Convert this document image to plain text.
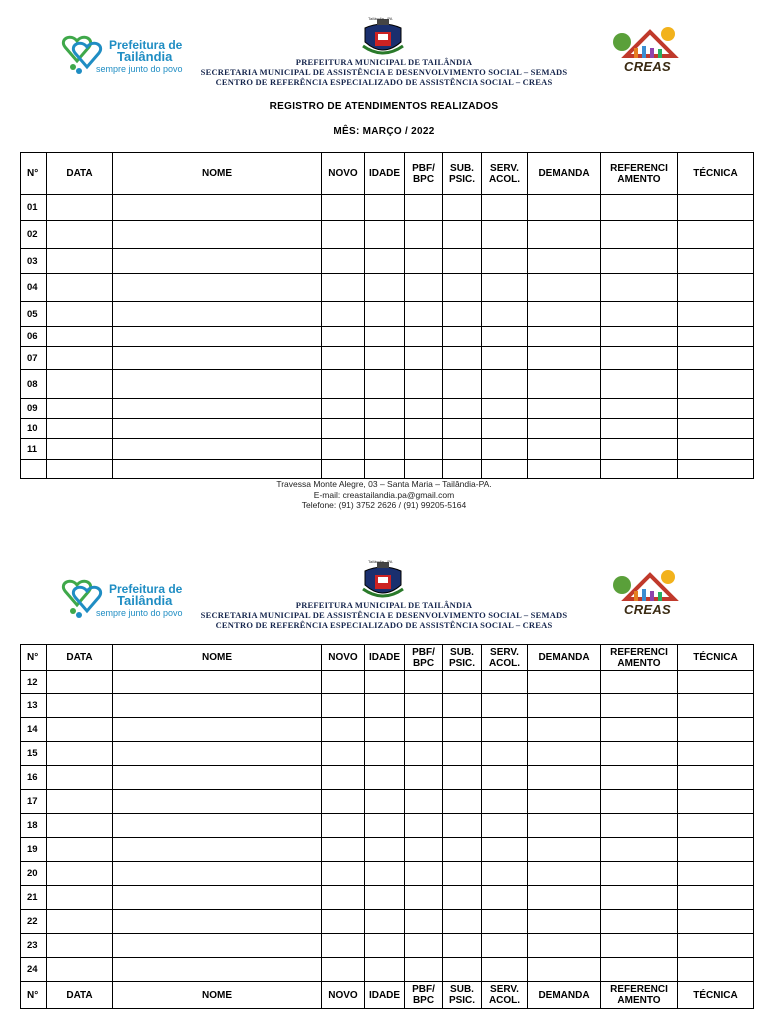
Prefeitura de
Tailândia
sempre junto do povo
Tailândia - PA
CREAS
PREFEITURA MUNICIPAL DE TAILÂNDIA
SECRETARIA MUNICIPAL DE ASSISTÊNCIA E DESENVOLVIMENTO SOCIAL – SEMADS
CENTRO DE REFERÊNCIA ESPECIALIZADO DE ASSISTÊNCIA SOCIAL – CREAS
REGISTRO DE ATENDIMENTOS REALIZADOS
MÊS: MARÇO / 2022
N°	DATA	NOME	NOVO	IDADE	PBF/ BPC	SUB. PSIC.	SERV. ACOL.	DEMANDA	REFERENCI AMENTO	TÉCNICA
01										
02										
03										
04										
05										
06										
07										
08										
09										
10										
11										

Travessa Monte Alegre, 03 – Santa Maria – Tailândia-PA.
E-mail: creastailandia.pa@gmail.com
Telefone: (91) 3752 2626 / (91) 99205-5164
Prefeitura de
Tailândia
sempre junto do povo
Tailândia - PA
CREAS
PREFEITURA MUNICIPAL DE TAILÂNDIA
SECRETARIA MUNICIPAL DE ASSISTÊNCIA E DESENVOLVIMENTO SOCIAL – SEMADS
CENTRO DE REFERÊNCIA ESPECIALIZADO DE ASSISTÊNCIA SOCIAL – CREAS
N°	DATA	NOME	NOVO	IDADE	PBF/ BPC	SUB. PSIC.	SERV. ACOL.	DEMANDA	REFERENCI AMENTO	TÉCNICA
12										
13										
14										
15										
16										
17										
18										
19										
20										
21										
22										
23										
24										
N°	DATA	NOME	NOVO	IDADE	PBF/ BPC	SUB. PSIC.	SERV. ACOL.	DEMANDA	REFERENCI AMENTO	TÉCNICA
